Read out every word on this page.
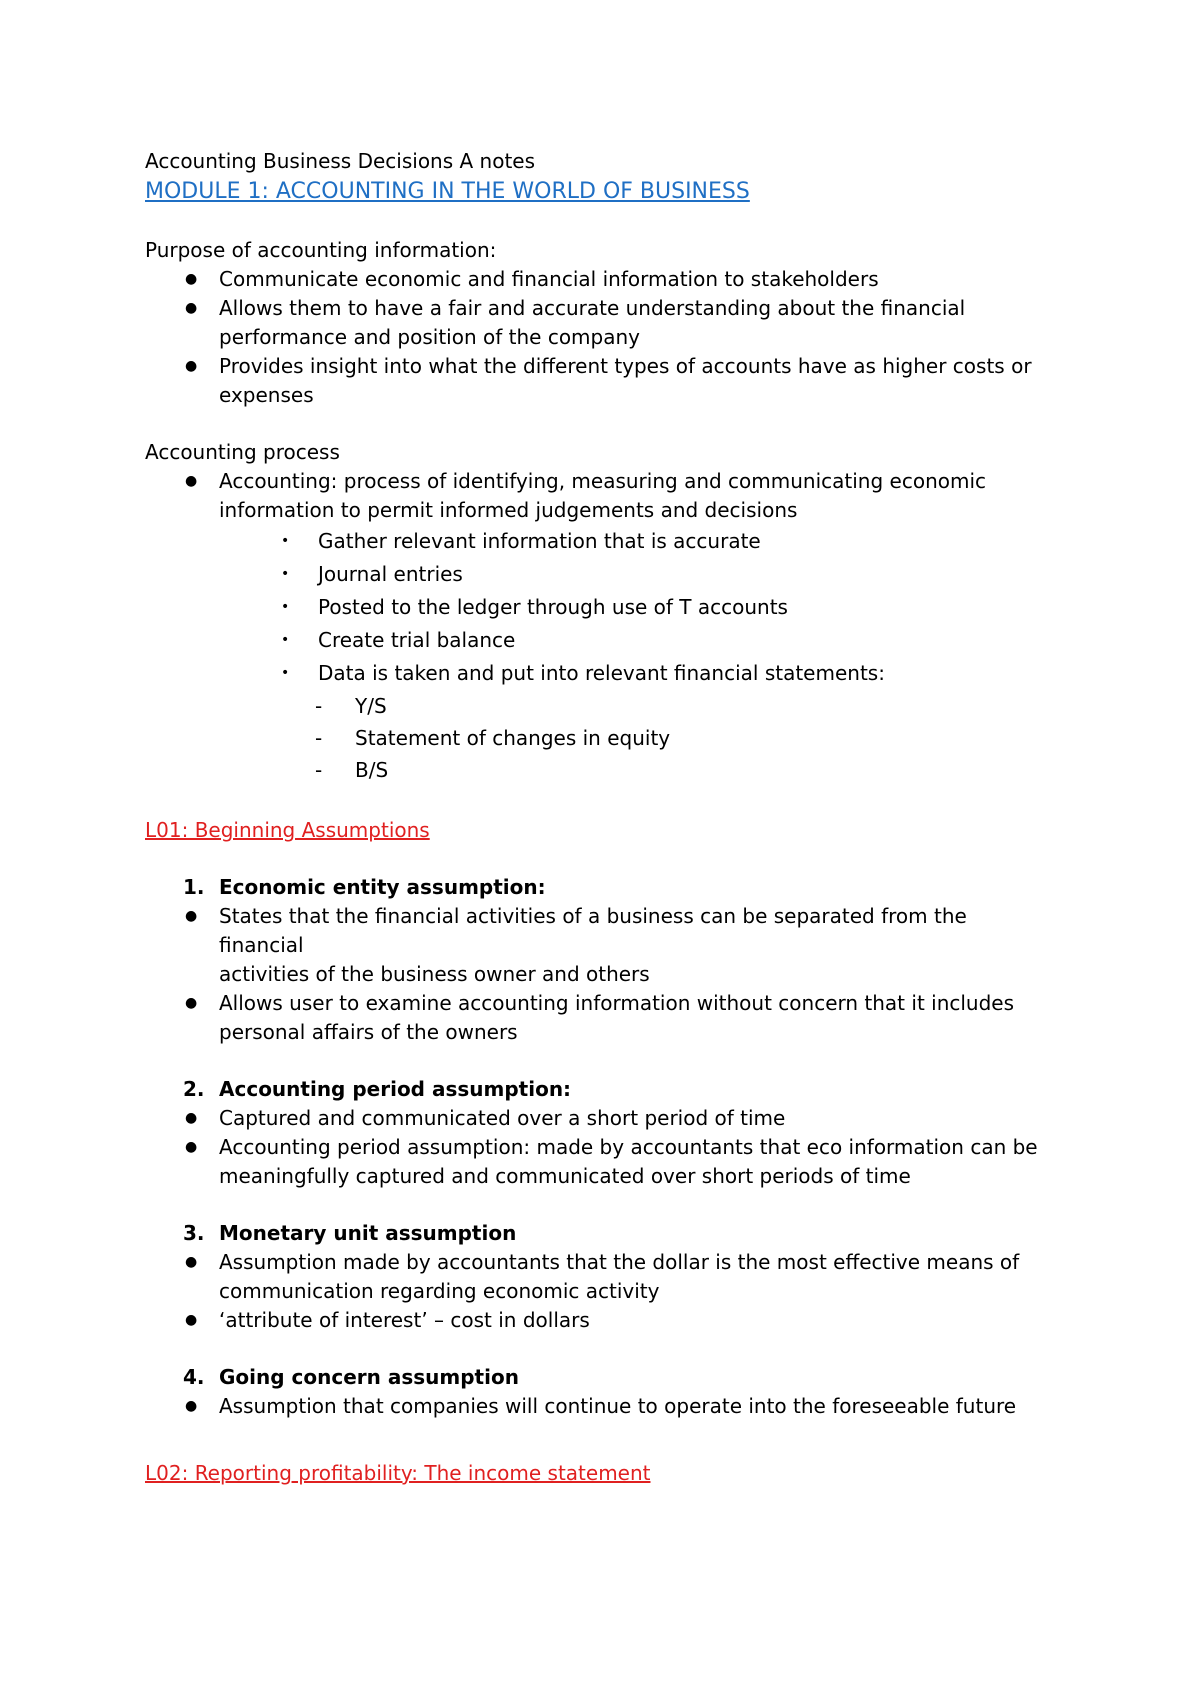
Accounting Business Decisions A notes
MODULE 1: ACCOUNTING IN THE WORLD OF BUSINESS
Purpose of accounting information:
● Communicate economic and financial information to stakeholders
● Allows them to have a fair and accurate understanding about the financial
performance and position of the company
● Provides insight into what the different types of accounts have as higher costs or
expenses
Accounting process
● Accounting: process of identifying, measuring and communicating economic
information to permit informed judgements and decisions
• Gather relevant information that is accurate
• Journal entries
• Posted to the ledger through use of T accounts
• Create trial balance
• Data is taken and put into relevant financial statements:
- Y/S
- Statement of changes in equity
- B/S
L01: Beginning Assumptions
1. Economic entity assumption:
● States that the financial activities of a business can be separated from the financial
activities of the business owner and others
● Allows user to examine accounting information without concern that it includes
personal affairs of the owners
2. Accounting period assumption:
● Captured and communicated over a short period of time
● Accounting period assumption: made by accountants that eco information can be
meaningfully captured and communicated over short periods of time
3. Monetary unit assumption
● Assumption made by accountants that the dollar is the most effective means of
communication regarding economic activity
● ‘attribute of interest’ – cost in dollars
4. Going concern assumption
● Assumption that companies will continue to operate into the foreseeable future
L02: Reporting profitability: The income statement
